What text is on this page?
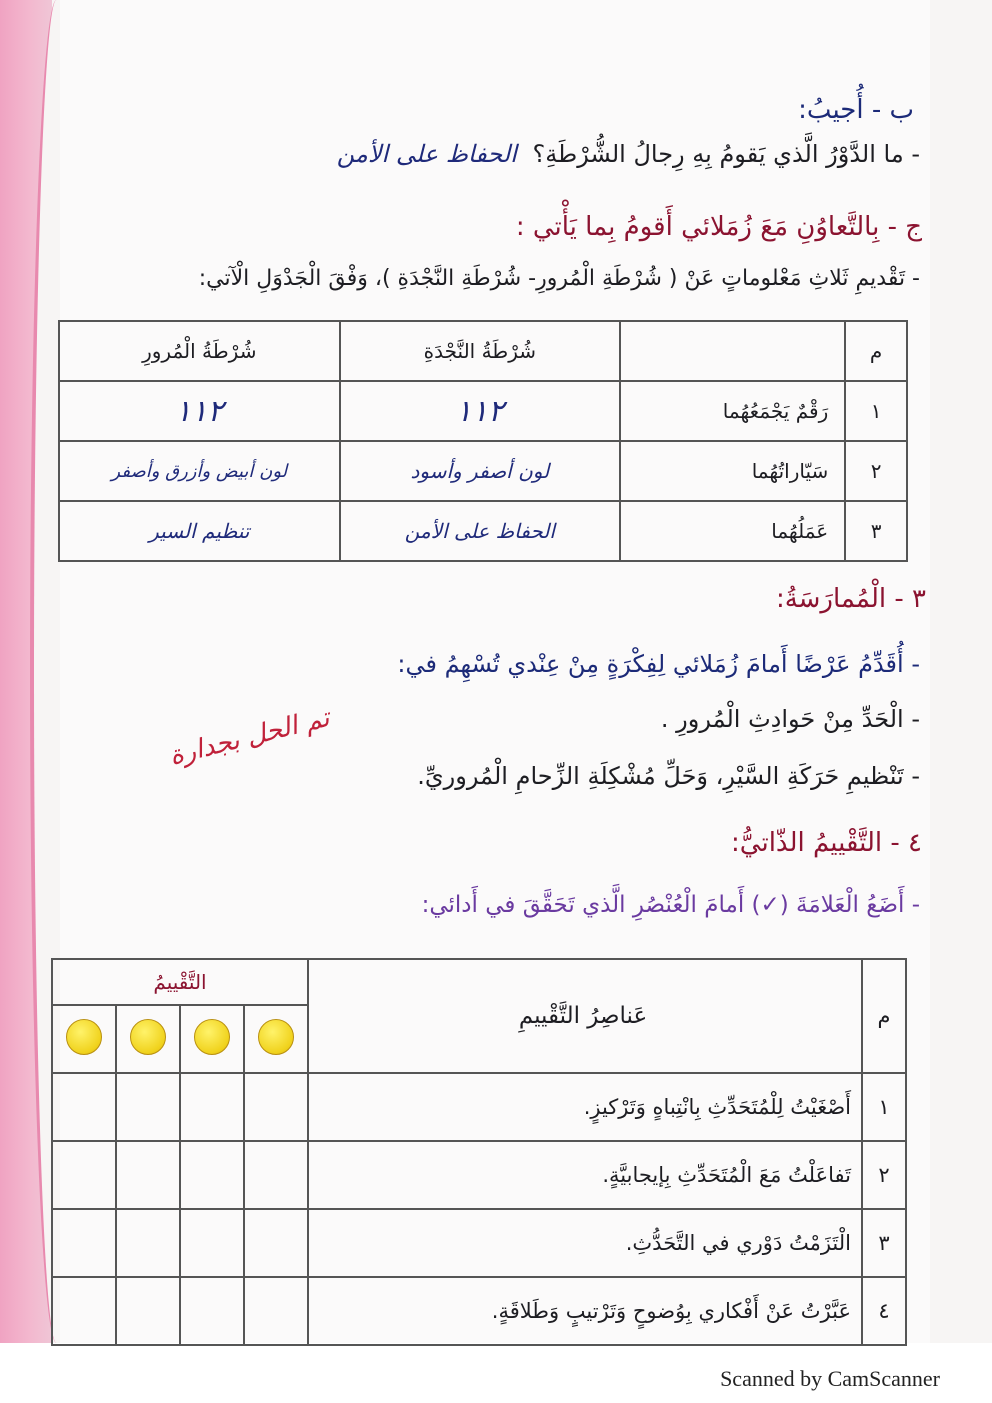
ب - أُجيبُ:
- ما الدَّوْرُ الَّذي يَقومُ بِهِ رِجالُ الشُّرْطَةِ؟ الحفاظ على الأمن
ج - بِالتَّعاوُنِ مَعَ زُمَلائي أَقومُ بِما يَأْتي :
- تَقْديمِ ثَلاثِ مَعْلوماتٍ عَنْ ( شُرْطَةِ الْمُرورِ- شُرْطَةِ النَّجْدَةِ )، وَفْقَ الْجَدْوَلِ الْآتي:
م		شُرْطَةُ النَّجْدَةِ	شُرْطَةُ الْمُرورِ
١	رَقْمٌ يَجْمَعُهُما	١١٢	١١٢
٢	سَيّاراتُهُما	لون أصفر وأسود	لون أبيض وأزرق وأصفر
٣	عَمَلُهُما	الحفاظ على الأمن	تنظيم السير
٣ - الْمُمارَسَةُ:
- أُقَدِّمُ عَرْضًا أَمامَ زُمَلائي لِفِكْرَةٍ مِنْ عِنْدي تُسْهِمُ في:
- الْحَدِّ مِنْ حَوادِثِ الْمُرورِ .
- تَنْظيمِ حَرَكَةِ السَّيْرِ، وَحَلِّ مُشْكِلَةِ الزِّحامِ الْمُروريِّ.
تم الحل بجدارة
٤ - التَّقْييمُ الذّاتيُّ:
- أَضَعُ الْعَلامَةَ (✓) أَمامَ الْعُنْصُرِ الَّذي تَحَقَّقَ في أَدائي:
م	عَناصِرُ التَّقْييمِ	التَّقْييمُ			

١	أَصْغَيْتُ لِلْمُتَحَدِّثِ بِانْتِباهٍ وَتَرْكيزٍ.				
٢	تَفاعَلْتُ مَعَ الْمُتَحَدِّثِ بِإيجابيَّةٍ.				
٣	الْتَزَمْتُ دَوْري في التَّحَدُّثِ.				
٤	عَبَّرْتُ عَنْ أَفْكاري بِوُضوحٍ وَتَرْتيبٍ وَطَلاقَةٍ.				
Scanned by CamScanner
